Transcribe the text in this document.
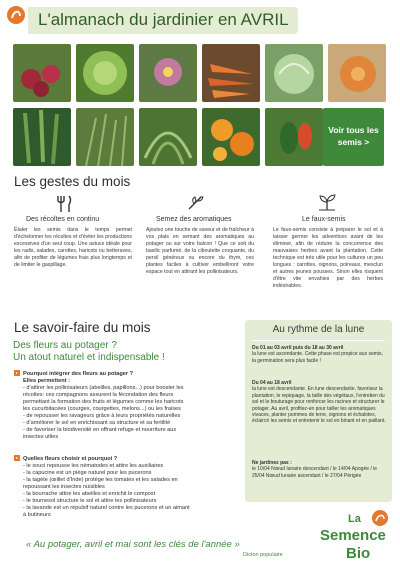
L'almanach du jardinier en AVRIL
Voir tous les semis >
Les gestes du mois
Des récoltes en continu
Étaler les semis dans le temps permet d'échelonner les récoltes et d'éviter les productions excessives d'un seul coup. Une astuce idéale pour les radis, salades, carottes, haricots ou betteraves, afin de profiter de légumes frais plus longtemps et de limiter le gaspillage.
Semez des aromatiques
Ajoutez une touche de saveur et de fraîcheur à vos plats en semant des aromatiques au potager ou sur votre balcon ! Que ce soit du basilic parfumé, de la ciboulette croquante, du persil généreux ou encore du thym, ces plantes faciles à cultiver embelliront votre espace tout en attirant les pollinisateurs.
Le faux-semis
Le faux-semis consiste à préparer le sol et à laisser germer les adventices avant de les éliminer, afin de réduire la concurrence des mauvaises herbes avant la plantation. Cette technique est très utile pour les cultures un peu longues : carottes, oignons, poireaux, mesclun et autres jeunes pousses. Sinon elles risquent d'être vite envahies par des herbes indésirables.
Le savoir-faire du mois
Des fleurs au potager ?
Un atout naturel et indispensable !
Pourquoi intégrer des fleurs au potager ?
Elles permettent :
- d'attirer les pollinisateurs (abeilles, papillons...) pour booster les
récoltes: ces compagnons assurent la fécondation des fleurs
permettant la formation des fruits et légumes comme les haricots
les cucurbitacées (courges, courgettes, melons...) ou les fraises
- de repousser les ravageurs grâce à leurs propriétés naturelles
- d'améliorer le sol en enrichissant sa structure et sa fertilité
- de favoriser la biodiversité en offrant refuge et nourriture aux
insectes utiles
Quelles fleurs choisir et pourquoi ?
- le souci repousse les nématodes et attire les auxiliaires
- la capucine est un piège naturel pour les pucerons
- la tagète (œillet d'Inde) protège les tomates et les salades en
repoussant les insectes nuisibles
- la bourrache attire les abeilles et enrichit le compost
- le tournesol structure le sol et attire les pollinisateurs
- la lavande est un répulsif naturel contre les pucerons et un aimant
à butineurs
Au rythme de la lune
Du 01 au 03 avril puis du 18 au 30 avril
la lune est ascendante. Cette phase est propice aux semis, la germination sera plus facile !
Du 04 au 18 avril
la lune est descendante. En lune descendante, favorisez la plantation, le repiquage, la taille des végétaux, l'entretien du sol et le bouturage pour renforcer les racines et structurer le potager. Au avril, profitez-en pour tailler les aromatiques vivaces, planter pommes de terre, oignons et échalotes, éclaircir les semis et entretenir le sol en binant et en paillant.
Ne jardinez pas :
le 10/04 Nœud lunaire descendant / le 14/04 Apogée / le 25/04 Nœud lunaire ascendant / le 27/04 Périgée
« Au potager, avril et mai sont les clés de l'année »
Dicton populaire
La
Semence
Bio
